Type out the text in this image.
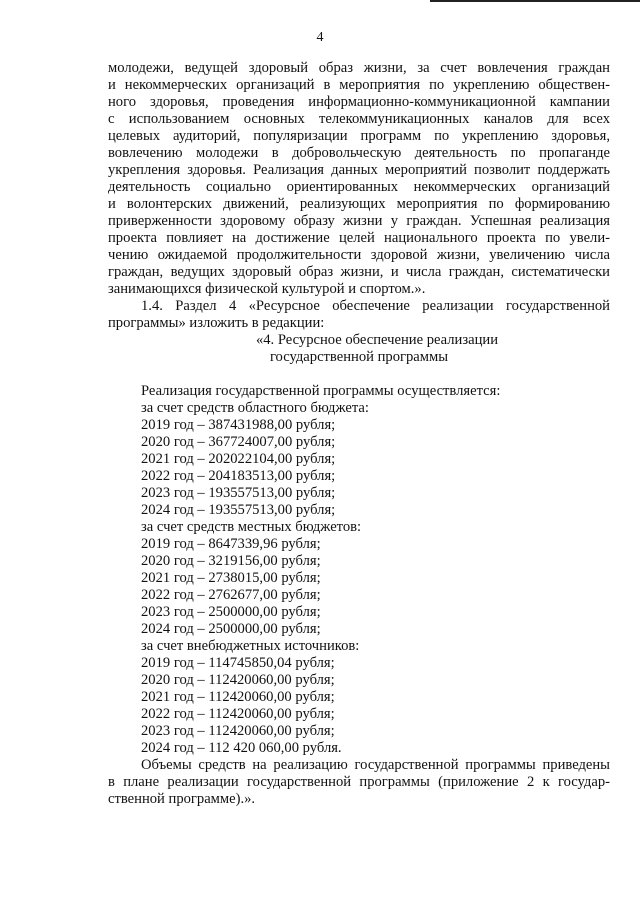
4

молодежи, ведущей здоровый образ жизни, за счет вовлечения граждан

и некоммерческих организаций в мероприятия по укреплению обществен-

ного здоровья, проведения информационно-коммуникационной кампании

с использованием основных телекоммуникационных каналов для всех

целевых аудиторий, популяризации программ по укреплению здоровья,

вовлечению молодежи в добровольческую деятельность по пропаганде

укрепления здоровья. Реализация данных мероприятий позволит поддержать

деятельность социально ориентированных некоммерческих организаций

и волонтерских движений, реализующих мероприятия по формированию

приверженности здоровому образу жизни у граждан. Успешная реализация

проекта повлияет на достижение целей национального проекта по увели-

чению ожидаемой продолжительности здоровой жизни, увеличению числа

граждан, ведущих здоровый образ жизни, и числа граждан, систематически

занимающихся физической культурой и спортом.».

1.4. Раздел 4 «Ресурсное обеспечение реализации государственной

программы» изложить в редакции:

«4. Ресурсное обеспечение реализации

государственной программы

Реализация государственной программы осуществляется:

за счет средств областного бюджета:

2019 год – 387431988,00 рубля;

2020 год – 367724007,00 рубля;

2021 год – 202022104,00 рубля;

2022 год – 204183513,00 рубля;

2023 год – 193557513,00 рубля;

2024 год – 193557513,00 рубля;

за счет средств местных бюджетов:

2019 год – 8647339,96 рубля;

2020 год – 3219156,00 рубля;

2021 год – 2738015,00 рубля;

2022 год – 2762677,00 рубля;

2023 год – 2500000,00 рубля;

2024 год – 2500000,00 рубля;

за счет внебюджетных источников:

2019 год – 114745850,04 рубля;

2020 год – 112420060,00 рубля;

2021 год – 112420060,00 рубля;

2022 год – 112420060,00 рубля;

2023 год – 112420060,00 рубля;

2024 год – 112 420 060,00 рубля.

Объемы средств на реализацию государственной программы приведены

в плане реализации государственной программы (приложение 2 к государ-

ственной программе).».
